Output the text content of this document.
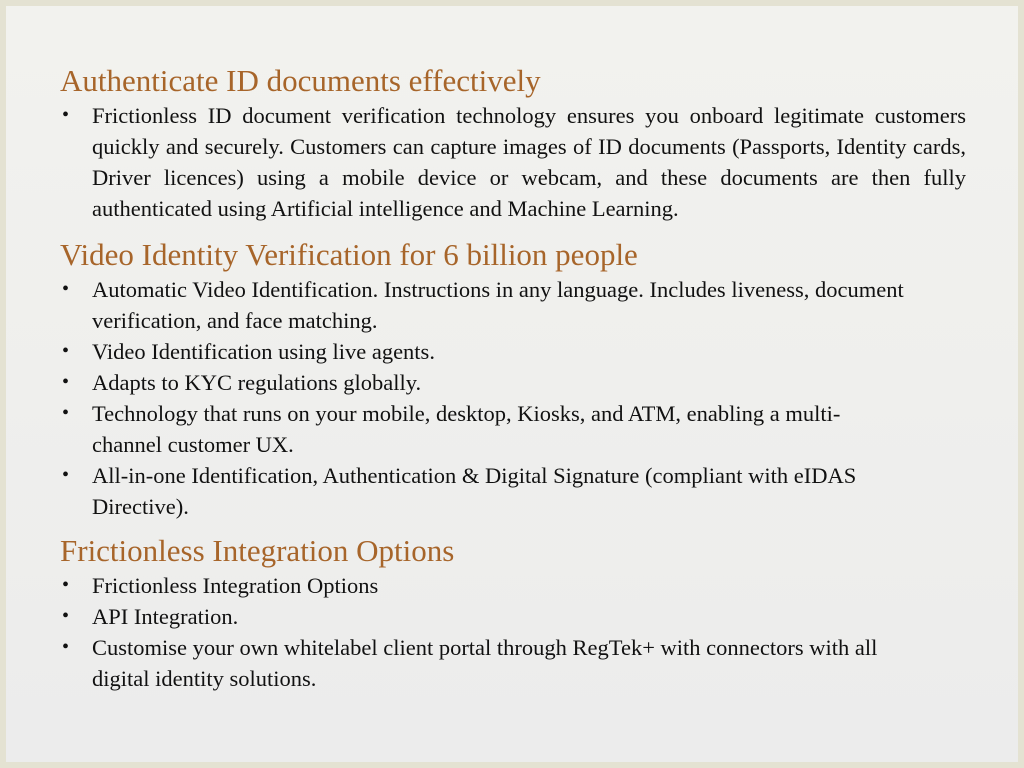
Authenticate ID documents effectively
• Frictionless ID document verification technology ensures you onboard legitimate customers quickly and securely. Customers can capture images of ID documents (Passports, Identity cards, Driver licences) using a mobile device or webcam, and these documents are then fully authenticated using Artificial intelligence and Machine Learning.
Video Identity Verification for 6 billion people
• Automatic Video Identification. Instructions in any language. Includes liveness, document verification, and face matching.
• Video Identification using live agents.
• Adapts to KYC regulations globally.
• Technology that runs on your mobile, desktop, Kiosks, and ATM, enabling a multi-channel customer UX.
• All-in-one Identification, Authentication & Digital Signature (compliant with eIDAS Directive).
Frictionless Integration Options
• Frictionless Integration Options
• API Integration.
• Customise your own whitelabel client portal through RegTek+ with connectors with all digital identity solutions.
